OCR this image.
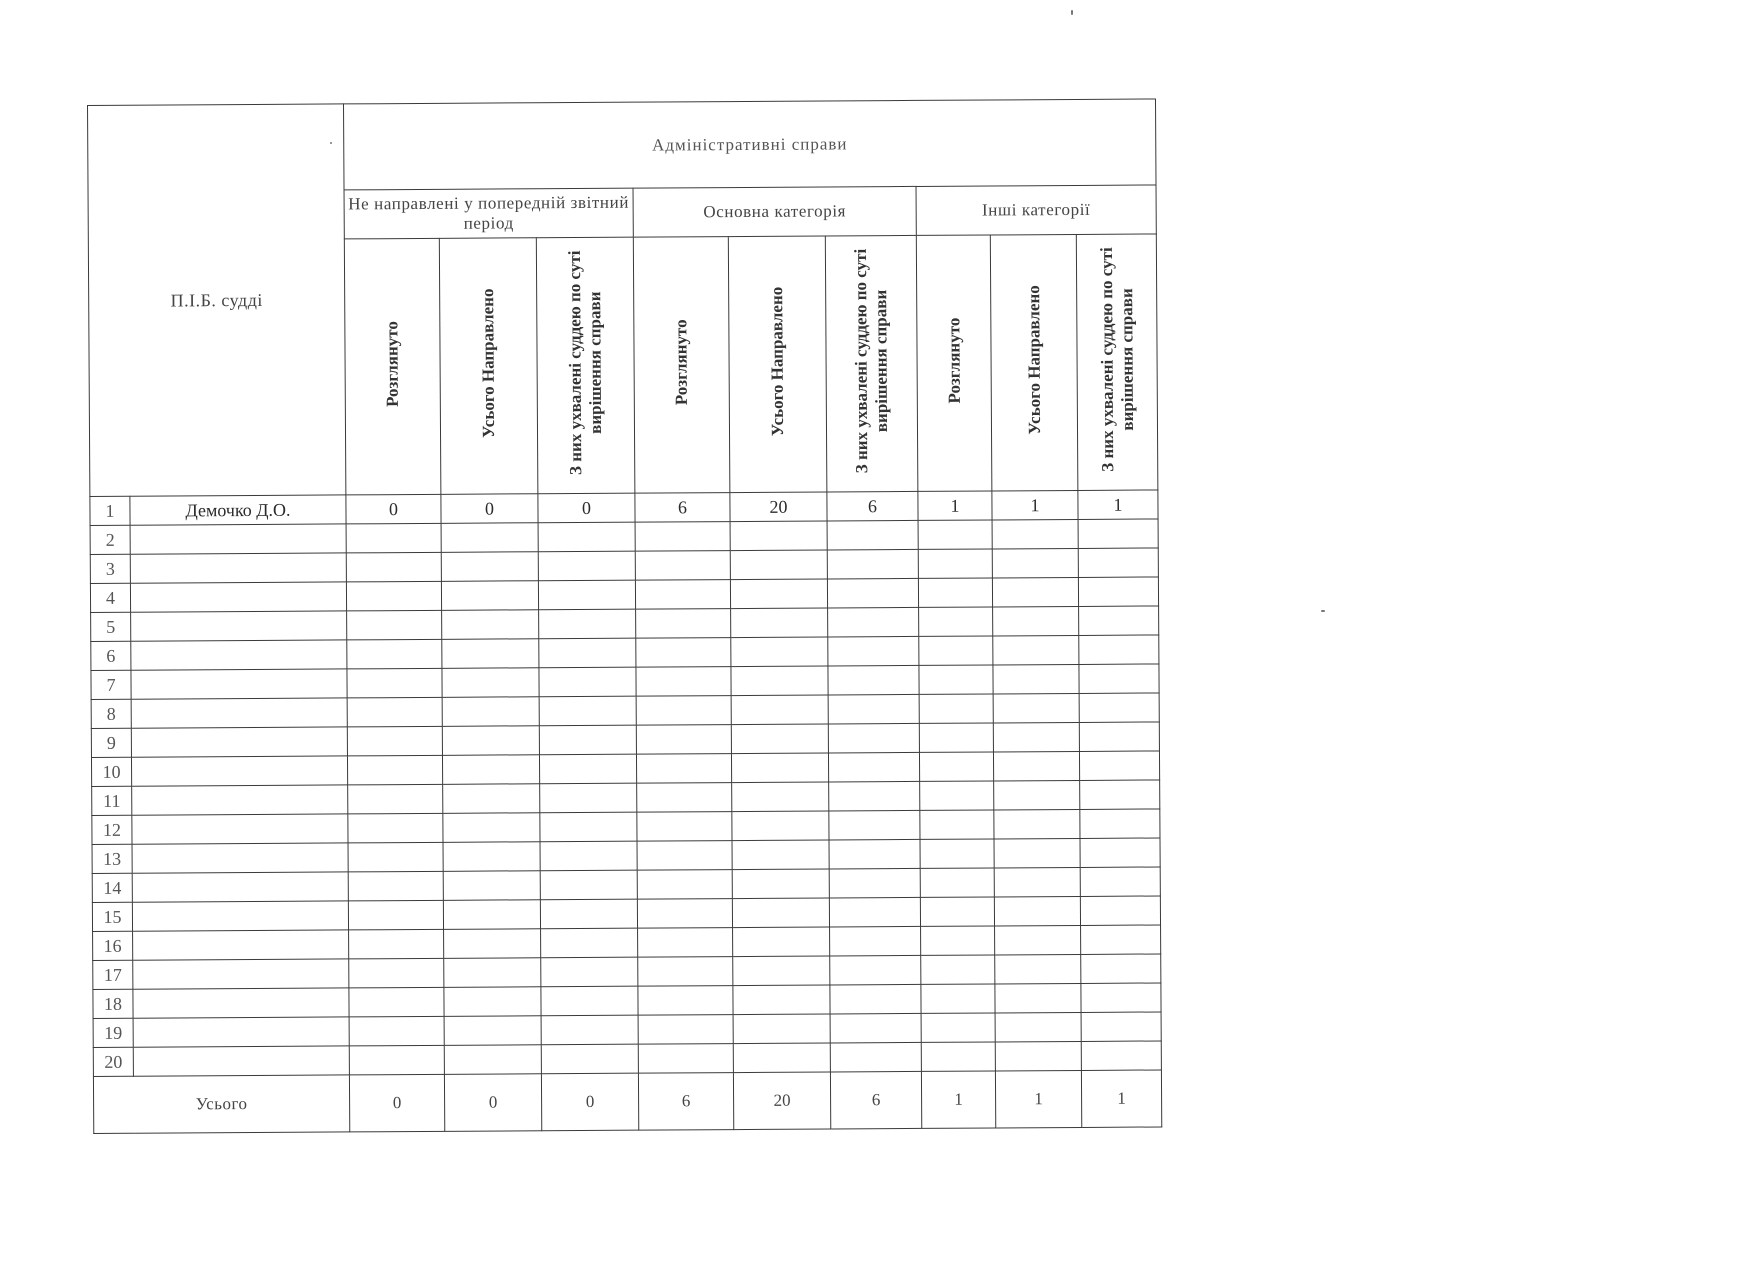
П.І.Б. судді		Адміністративні справи								
		Не направлені у попередній звітний період			Основна категорія			Інші категорії		
		Розглянуто	Усього Направлено	З них ухвалені суддею по суті вирішення справи	Розглянуто	Усього Направлено	З них ухвалені суддею по суті вирішення справи	Розглянуто	Усього Направлено	З них ухвалені суддею по суті вирішення справи
1	Демочко Д.О.	0	0	0	6	20	6	1	1	1
2										
3										
4										
5										
6										
7										
8										
9										
10										
11										
12										
13										
14										
15										
16										
17										
18										
19										
20										
Усього		0	0	0	6	20	6	1	1	1
